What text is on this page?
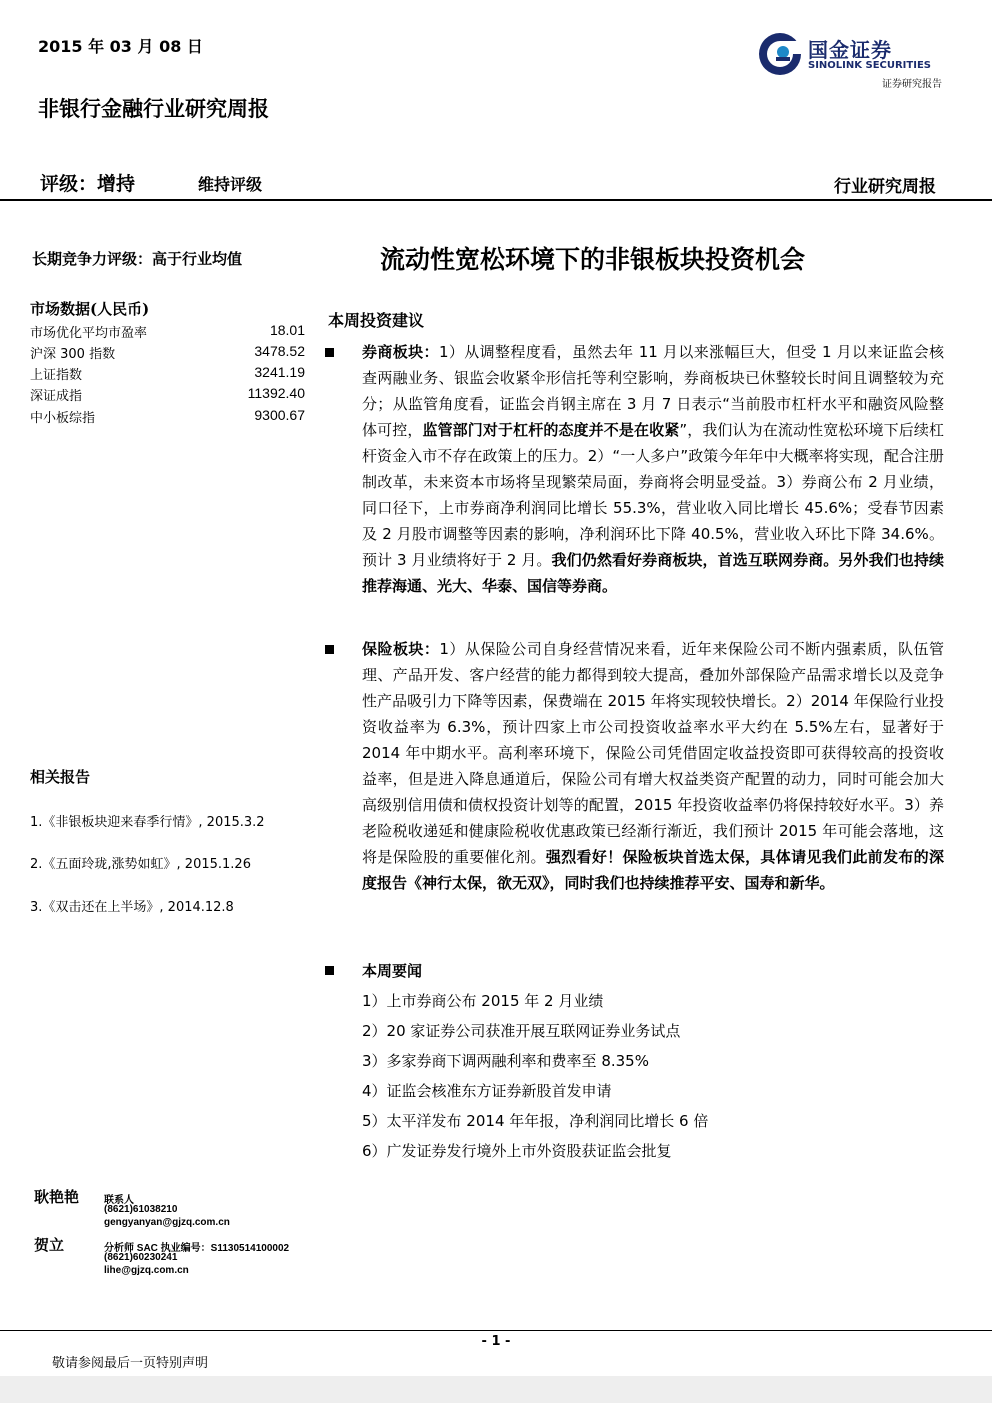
2015 年 03 月 08 日
非银行金融行业研究周报
国金证券
SINOLINK SECURITIES
证券研究报告
评级：增持	维持评级	行业研究周报
长期竞争力评级：高于行业均值
市场数据(人民币)
市场优化平均市盈率	18.01
沪深 300 指数	3478.52
上证指数	3241.19
深证成指	11392.40
中小板综指	9300.67
相关报告
1.《非银板块迎来春季行情》, 2015.3.2
2.《五面玲珑,涨势如虹》, 2015.1.26
3.《双击还在上半场》, 2014.12.8
耿艳艳 联系人
(8621)61038210
gengyanyan@gjzq.com.cn
贺立	分析师 SAC 执业编号：S1130514100002
(8621)60230241
lihe@gjzq.com.cn
流动性宽松环境下的非银板块投资机会
本周投资建议
券商板块：1）从调整程度看，虽然去年 11 月以来涨幅巨大，但受 1 月以来证监会核查两融业务、银监会收紧伞形信托等利空影响，券商板块已休整较长时间且调整较为充分；从监管角度看，证监会肖钢主席在 3 月 7 日表示“当前股市杠杆水平和融资风险整体可控，监管部门对于杠杆的态度并不是在收紧”，我们认为在流动性宽松环境下后续杠杆资金入市不存在政策上的压力。2）“一人多户”政策今年年中大概率将实现，配合注册制改革，未来资本市场将呈现繁荣局面，券商将会明显受益。3）券商公布 2 月业绩，同口径下，上市券商净利润同比增长 55.3%，营业收入同比增长 45.6%；受春节因素及 2 月股市调整等因素的影响，净利润环比下降 40.5%，营业收入环比下降 34.6%。预计 3 月业绩将好于 2 月。我们仍然看好券商板块，首选互联网券商。另外我们也持续推荐海通、光大、华泰、国信等券商。
保险板块：1）从保险公司自身经营情况来看，近年来保险公司不断内强素质，队伍管理、产品开发、客户经营的能力都得到较大提高，叠加外部保险产品需求增长以及竞争性产品吸引力下降等因素，保费端在 2015 年将实现较快增长。2）2014 年保险行业投资收益率为 6.3%，预计四家上市公司投资收益率水平大约在 5.5%左右，显著好于 2014 年中期水平。高利率环境下，保险公司凭借固定收益投资即可获得较高的投资收益率，但是进入降息通道后，保险公司有增大权益类资产配置的动力，同时可能会加大高级别信用债和债权投资计划等的配置，2015 年投资收益率仍将保持较好水平。3）养老险税收递延和健康险税收优惠政策已经渐行渐近，我们预计 2015 年可能会落地，这将是保险股的重要催化剂。强烈看好！保险板块首选太保，具体请见我们此前发布的深度报告《神行太保，欲无双》，同时我们也持续推荐平安、国寿和新华。
本周要闻
1）上市券商公布 2015 年 2 月业绩
2）20 家证券公司获准开展互联网证券业务试点
3）多家券商下调两融利率和费率至 8.35%
4）证监会核准东方证券新股首发申请
5）太平洋发布 2014 年年报，净利润同比增长 6 倍
6）广发证券发行境外上市外资股获证监会批复
- 1 -
敬请参阅最后一页特别声明
